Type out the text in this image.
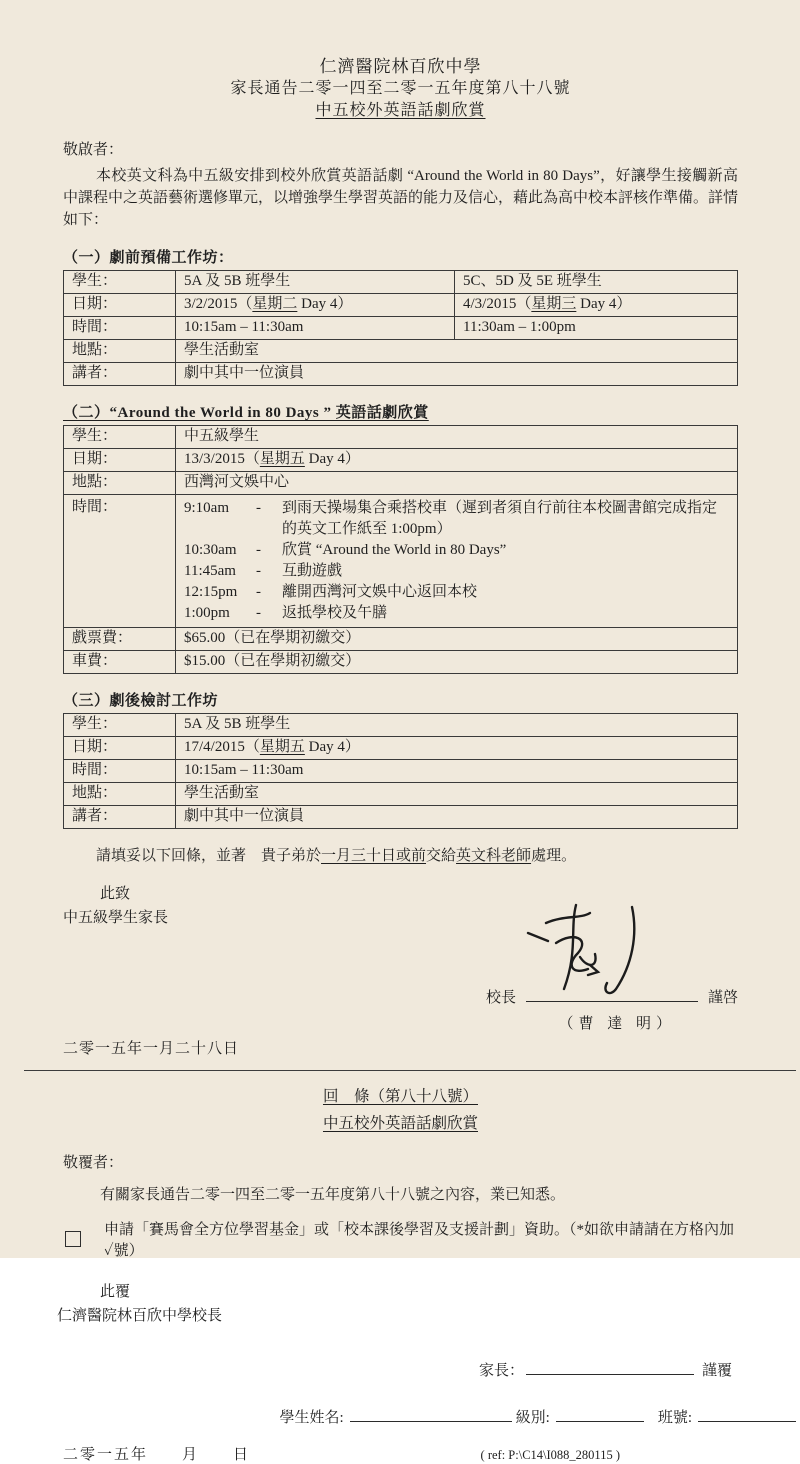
仁濟醫院林百欣中學
家長通告二零一四至二零一五年度第八十八號
中五校外英語話劇欣賞

敬啟者：

本校英文科為中五級安排到校外欣賞英語話劇 “Around the World in 80 Days”，好讓學生接觸新高中課程中之英語藝術選修單元，以增強學生學習英語的能力及信心，藉此為高中校本評核作準備。詳情如下：

（一）劇前預備工作坊：
學生：	5A 及 5B 班學生	5C、5D 及 5E 班學生
日期：	3/2/2015（星期二 Day 4）	4/3/2015（星期三 Day 4）
時間：	10:15am – 11:30am	11:30am – 1:00pm
地點：	學生活動室	
講者：	劇中其中一位演員	
（二）“Around the World in 80 Days ” 英語話劇欣賞
學生：	中五級學生
日期：	13/3/2015（星期五 Day 4）
地點：	西灣河文娛中心
時間：	9:10am	-	到雨天操場集合乘搭校車（遲到者須自行前往本校圖書館完成指定的英文工作紙至 1:00pm）
10:30am	-	欣賞 “Around the World in 80 Days”
11:45am	-	互動遊戲
12:15pm	-	離開西灣河文娛中心返回本校
1:00pm	-	返抵學校及午膳

戲票費：	$65.00（已在學期初繳交）
車費：	$15.00（已在學期初繳交）
（三）劇後檢討工作坊
學生：	5A 及 5B 班學生
日期：	17/4/2015（星期五 Day 4）
時間：	10:15am – 11:30am
地點：	學生活動室
講者：	劇中其中一位演員

請填妥以下回條，並著　貴子弟於一月三十日或前交給英文科老師處理。

此致

中五級學生家長

校長	謹啓
（曹 達 明）

二零一五年一月二十八日

回　條（第八十八號）
中五校外英語話劇欣賞

敬覆者：

有關家長通告二零一四至二零一五年度第八十八號之內容，業已知悉。

申請「賽馬會全方位學習基金」或「校本課後學習及支援計劃」資助。（*如欲申請請在方格內加✓號）

此覆

仁濟醫院林百欣中學校長

家長：	謹覆
學生姓名:	級別:	班號:
二零一五年　　月　　日	( ref: P:\C14\I088_280115 )
